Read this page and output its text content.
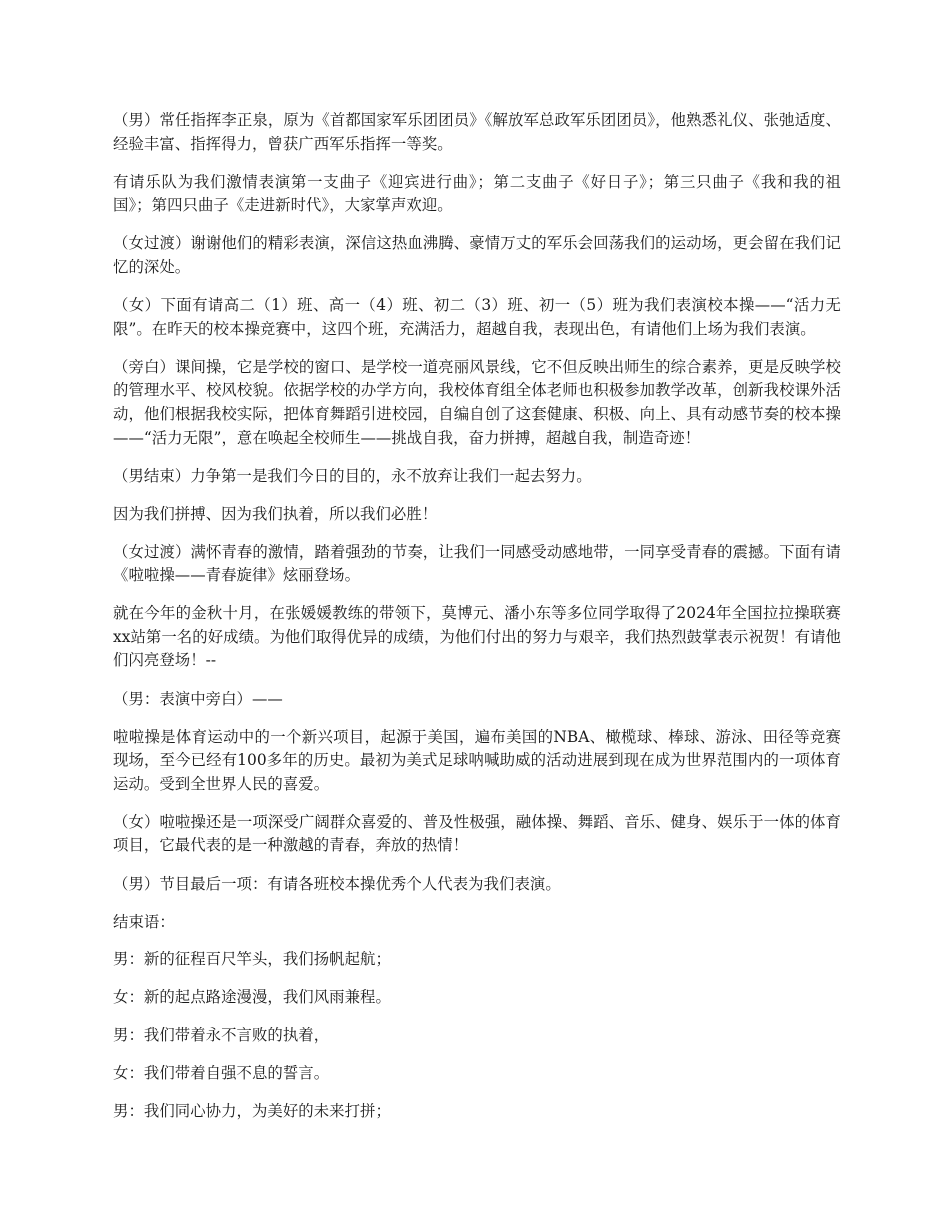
（男）常任指挥李正泉，原为《首都国家军乐团团员》《解放军总政军乐团团员》，他熟悉礼仪、张弛适度、经验丰富、指挥得力，曾获广西军乐指挥一等奖。

有请乐队为我们激情表演第一支曲子《迎宾进行曲》；第二支曲子《好日子》；第三只曲子《我和我的祖国》；第四只曲子《走进新时代》，大家掌声欢迎。

（女过渡）谢谢他们的精彩表演，深信这热血沸腾、豪情万丈的军乐会回荡我们的运动场，更会留在我们记忆的深处。

（女）下面有请高二（1）班、高一（4）班、初二（3）班、初一（5）班为我们表演校本操——“活力无限”。在昨天的校本操竞赛中，这四个班，充满活力，超越自我，表现出色，有请他们上场为我们表演。

（旁白）课间操，它是学校的窗口、是学校一道亮丽风景线，它不但反映出师生的综合素养，更是反映学校的管理水平、校风校貌。依据学校的办学方向，我校体育组全体老师也积极参加教学改革，创新我校课外活动，他们根据我校实际，把体育舞蹈引进校园，自编自创了这套健康、积极、向上、具有动感节奏的校本操——“活力无限”，意在唤起全校师生——挑战自我，奋力拼搏，超越自我，制造奇迹！

（男结束）力争第一是我们今日的目的，永不放弃让我们一起去努力。

因为我们拼搏、因为我们执着，所以我们必胜！

（女过渡）满怀青春的激情，踏着强劲的节奏，让我们一同感受动感地带，一同享受青春的震撼。下面有请《啦啦操——青春旋律》炫丽登场。

就在今年的金秋十月，在张媛媛教练的带领下，莫博元、潘小东等多位同学取得了2024年全国拉拉操联赛xx站第一名的好成绩。为他们取得优异的成绩，为他们付出的努力与艰辛，我们热烈鼓掌表示祝贺！有请他们闪亮登场！--

（男：表演中旁白）——

啦啦操是体育运动中的一个新兴项目，起源于美国，遍布美国的NBA、橄榄球、棒球、游泳、田径等竞赛现场，至今已经有100多年的历史。最初为美式足球呐喊助威的活动进展到现在成为世界范围内的一项体育运动。受到全世界人民的喜爱。

（女）啦啦操还是一项深受广阔群众喜爱的、普及性极强，融体操、舞蹈、音乐、健身、娱乐于一体的体育项目，它最代表的是一种激越的青春，奔放的热情！

（男）节目最后一项：有请各班校本操优秀个人代表为我们表演。

结束语：

男：新的征程百尺竿头，我们扬帆起航；

女：新的起点路途漫漫，我们风雨兼程。

男：我们带着永不言败的执着，

女：我们带着自强不息的誓言。

男：我们同心协力，为美好的未来打拼；
